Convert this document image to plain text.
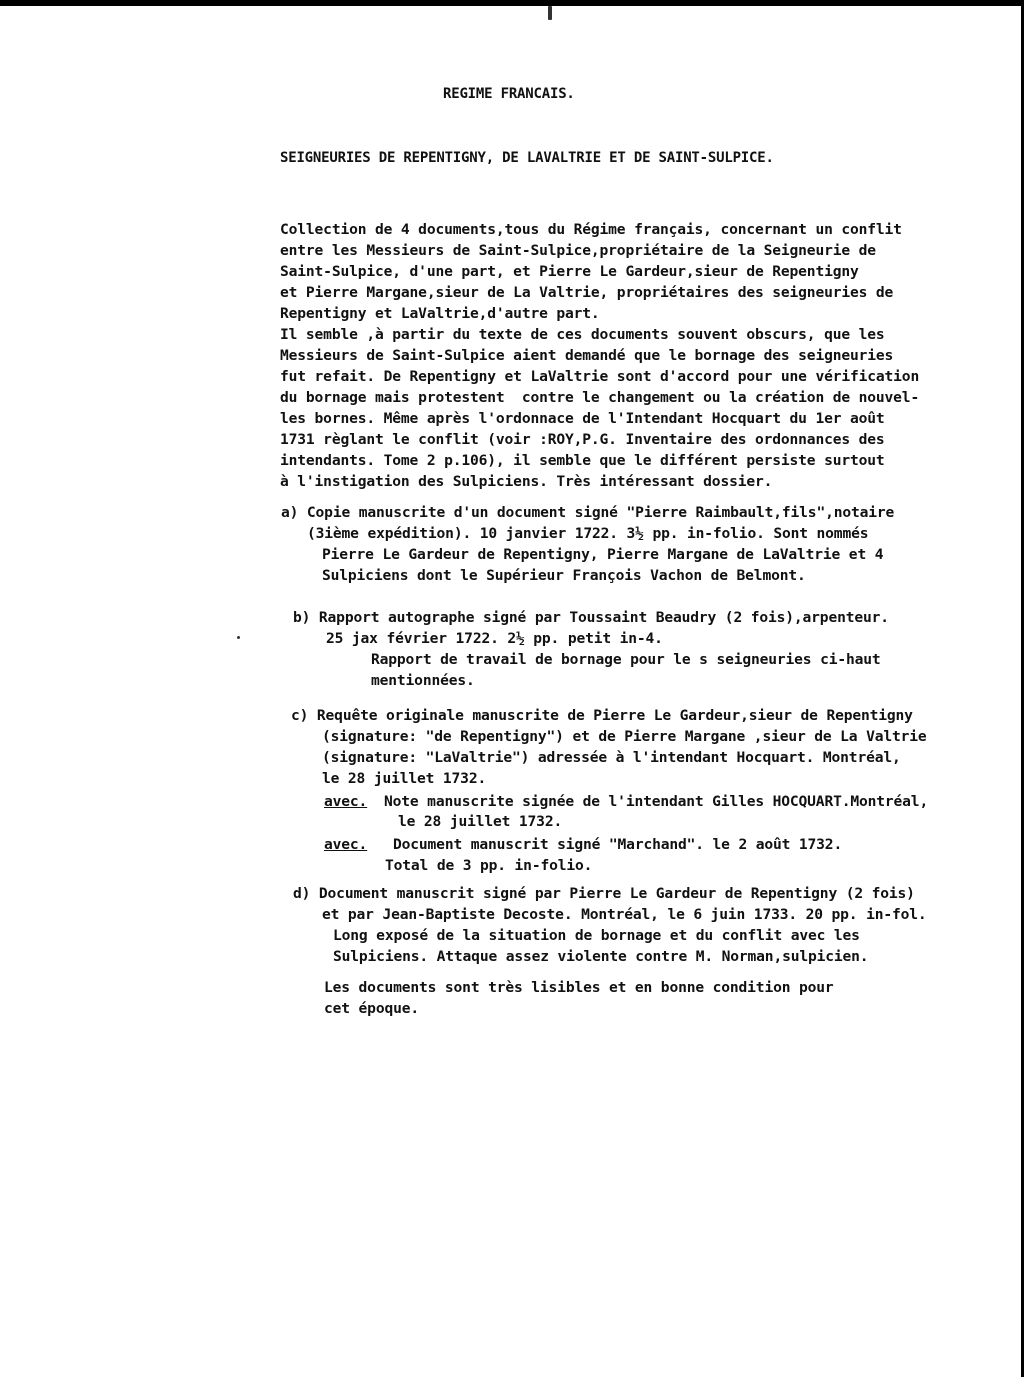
REGIME FRANCAIS.
SEIGNEURIES DE REPENTIGNY, DE LAVALTRIE ET DE SAINT-SULPICE.
Collection de 4 documents,tous du Régime français, concernant un conflit
entre les Messieurs de Saint-Sulpice,propriétaire de la Seigneurie de
Saint-Sulpice, d'une part, et Pierre Le Gardeur,sieur de Repentigny
et Pierre Margane,sieur de La Valtrie, propriétaires des seigneuries de
Repentigny et LaValtrie,d'autre part.
Il semble ,à partir du texte de ces documents souvent obscurs, que les
Messieurs de Saint-Sulpice aient demandé que le bornage des seigneuries
fut refait. De Repentigny et LaValtrie sont d'accord pour une vérification
du bornage mais protestent  contre le changement ou la création de nouvel-
les bornes. Même après l'ordonnace de l'Intendant Hocquart du 1er août
1731 règlant le conflit (voir :ROY,P.G. Inventaire des ordonnances des
intendants. Tome 2 p.106), il semble que le différent persiste surtout
à l'instigation des Sulpiciens. Très intéressant dossier.
a) Copie manuscrite d'un document signé "Pierre Raimbault,fils",notaire
(3ième expédition). 10 janvier 1722. 3½ pp. in-folio. Sont nommés
Pierre Le Gardeur de Repentigny, Pierre Margane de LaValtrie et 4
Sulpiciens dont le Supérieur François Vachon de Belmont.
b) Rapport autographe signé par Toussaint Beaudry (2 fois),arpenteur.
25 jax février 1722. 2½ pp. petit in-4.
Rapport de travail de bornage pour le s seigneuries ci-haut
mentionnées.
c) Requête originale manuscrite de Pierre Le Gardeur,sieur de Repentigny
(signature: "de Repentigny") et de Pierre Margane ,sieur de La Valtrie
(signature: "LaValtrie") adressée à l'intendant Hocquart. Montréal,
le 28 juillet 1732.
avec. Note manuscrite signée de l'intendant Gilles HOCQUART.Montréal,
le 28 juillet 1732.
avec. Document manuscrit signé "Marchand". le 2 août 1732.
Total de 3 pp. in-folio.
d) Document manuscrit signé par Pierre Le Gardeur de Repentigny (2 fois)
et par Jean-Baptiste Decoste. Montréal, le 6 juin 1733. 20 pp. in-fol.
Long exposé de la situation de bornage et du conflit avec les
Sulpiciens. Attaque assez violente contre M. Norman,sulpicien.
Les documents sont très lisibles et en bonne condition pour
cet époque.
